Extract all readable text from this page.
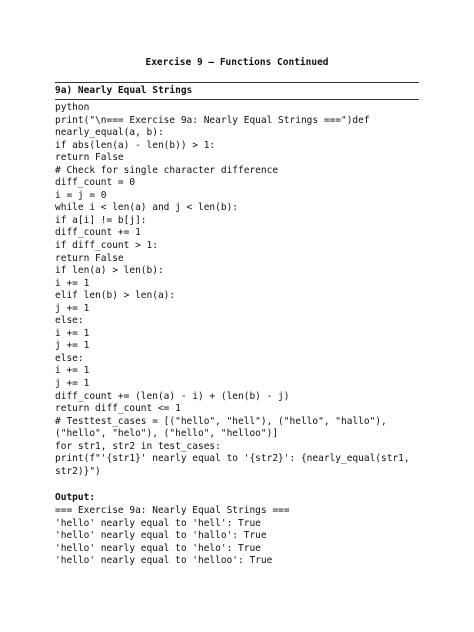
Exercise 9 – Functions Continued
9a) Nearly Equal Strings
python
print("\n=== Exercise 9a: Nearly Equal Strings ===")def
nearly_equal(a, b):
if abs(len(a) - len(b)) > 1:
return False
# Check for single character difference
diff_count = 0
i = j = 0
while i < len(a) and j < len(b):
if a[i] != b[j]:
diff_count += 1
if diff_count > 1:
return False
if len(a) > len(b):
i += 1
elif len(b) > len(a):
j += 1
else:
i += 1
j += 1
else:
i += 1
j += 1
diff_count += (len(a) - i) + (len(b) - j)
return diff_count <= 1
# Testtest_cases = [("hello", "hell"), ("hello", "hallo"),
("hello", "helo"), ("hello", "helloo")]
for str1, str2 in test_cases:
print(f"'{str1}' nearly equal to '{str2}': {nearly_equal(str1,
str2)}")
Output:
=== Exercise 9a: Nearly Equal Strings ===
'hello' nearly equal to 'hell': True
'hello' nearly equal to 'hallo': True
'hello' nearly equal to 'helo': True
'hello' nearly equal to 'helloo': True
